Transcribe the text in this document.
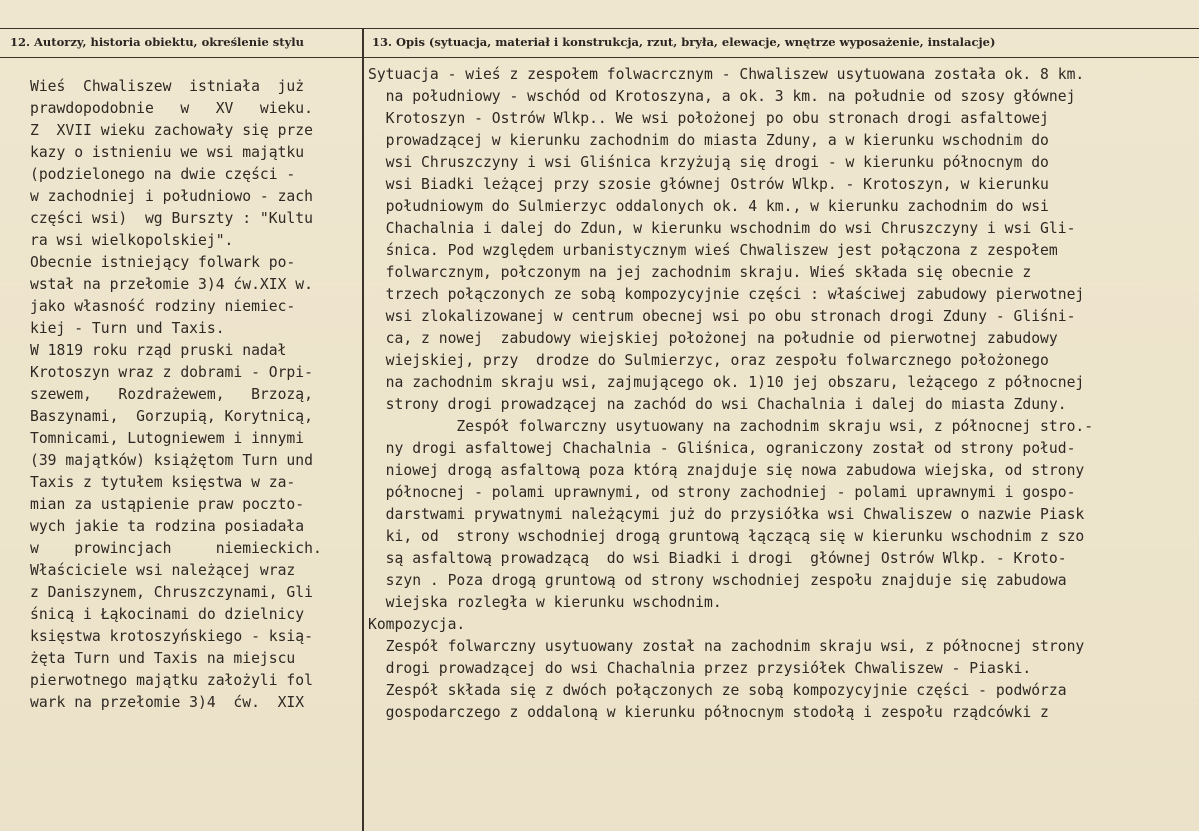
12. Autorzy, historia obiektu, określenie stylu	13. Opis (sytuacja, materiał i konstrukcja, rzut, bryła, elewacje, wnętrze wyposażenie, instalacje)
Wieś  Chwaliszew  istniała  już
prawdopodobnie   w   XV   wieku.
Z  XVII wieku zachowały się prze
kazy o istnieniu we wsi majątku
(podzielonego na dwie części -
w zachodniej i południowo - zach
części wsi)  wg Burszty : "Kultu
ra wsi wielkopolskiej".
Obecnie istniejący folwark po-
wstał na przełomie 3)4 ćw.XIX w.
jako własność rodziny niemiec-
kiej - Turn und Taxis.
W 1819 roku rząd pruski nadał
Krotoszyn wraz z dobrami - Orpi-
szewem,   Rozdrażewem,   Brzozą,
Baszynami,  Gorzupią, Korytnicą,
Tomnicami, Lutogniewem i innymi
(39 majątków) książętom Turn und
Taxis z tytułem księstwa w za-
mian za ustąpienie praw poczto-
wych jakie ta rodzina posiadała
w    prowincjach     niemieckich.
Właściciele wsi należącej wraz
z Daniszynem, Chruszczynami, Gli
śnicą i Łąkocinami do dzielnicy
księstwa krotoszyńskiego - ksią-
żęta Turn und Taxis na miejscu
pierwotnego majątku założyli fol
wark na przełomie 3)4  ćw.  XIX
Sytuacja - wieś z zespołem folwacrcznym - Chwaliszew usytuowana została ok. 8 km.
na południowy - wschód od Krotoszyna, a ok. 3 km. na południe od szosy głównej
Krotoszyn - Ostrów Wlkp.. We wsi położonej po obu stronach drogi asfaltowej
prowadzącej w kierunku zachodnim do miasta Zduny, a w kierunku wschodnim do
wsi Chruszczyny i wsi Gliśnica krzyżują się drogi - w kierunku północnym do
wsi Biadki leżącej przy szosie głównej Ostrów Wlkp. - Krotoszyn, w kierunku
południowym do Sulmierzyc oddalonych ok. 4 km., w kierunku zachodnim do wsi
Chachalnia i dalej do Zdun, w kierunku wschodnim do wsi Chruszczyny i wsi Gli-
śnica. Pod względem urbanistycznym wieś Chwaliszew jest połączona z zespołem
folwarcznym, połczonym na jej zachodnim skraju. Wieś składa się obecnie z
trzech połączonych ze sobą kompozycyjnie części : właściwej zabudowy pierwotnej
wsi zlokalizowanej w centrum obecnej wsi po obu stronach drogi Zduny - Gliśni-
ca, z nowej  zabudowy wiejskiej położonej na południe od pierwotnej zabudowy
wiejskiej, przy  drodze do Sulmierzyc, oraz zespołu folwarcznego położonego
na zachodnim skraju wsi, zajmującego ok. 1)10 jej obszaru, leżącego z północnej
strony drogi prowadzącej na zachód do wsi Chachalnia i dalej do miasta Zduny.
Zespół folwarczny usytuowany na zachodnim skraju wsi, z północnej stro.-
ny drogi asfaltowej Chachalnia - Gliśnica, ograniczony został od strony połud-
niowej drogą asfaltową poza którą znajduje się nowa zabudowa wiejska, od strony
północnej - polami uprawnymi, od strony zachodniej - polami uprawnymi i gospo-
darstwami prywatnymi należącymi już do przysiółka wsi Chwaliszew o nazwie Piask
ki, od  strony wschodniej drogą gruntową łączącą się w kierunku wschodnim z szo
są asfaltową prowadzącą  do wsi Biadki i drogi  głównej Ostrów Wlkp. - Kroto-
szyn . Poza drogą gruntową od strony wschodniej zespołu znajduje się zabudowa
wiejska rozległa w kierunku wschodnim.
Kompozycja.
Zespół folwarczny usytuowany został na zachodnim skraju wsi, z północnej strony
drogi prowadzącej do wsi Chachalnia przez przysiółek Chwaliszew - Piaski.
Zespół składa się z dwóch połączonych ze sobą kompozycyjnie części - podwórza
gospodarczego z oddaloną w kierunku północnym stodołą i zespołu rządcówki z
